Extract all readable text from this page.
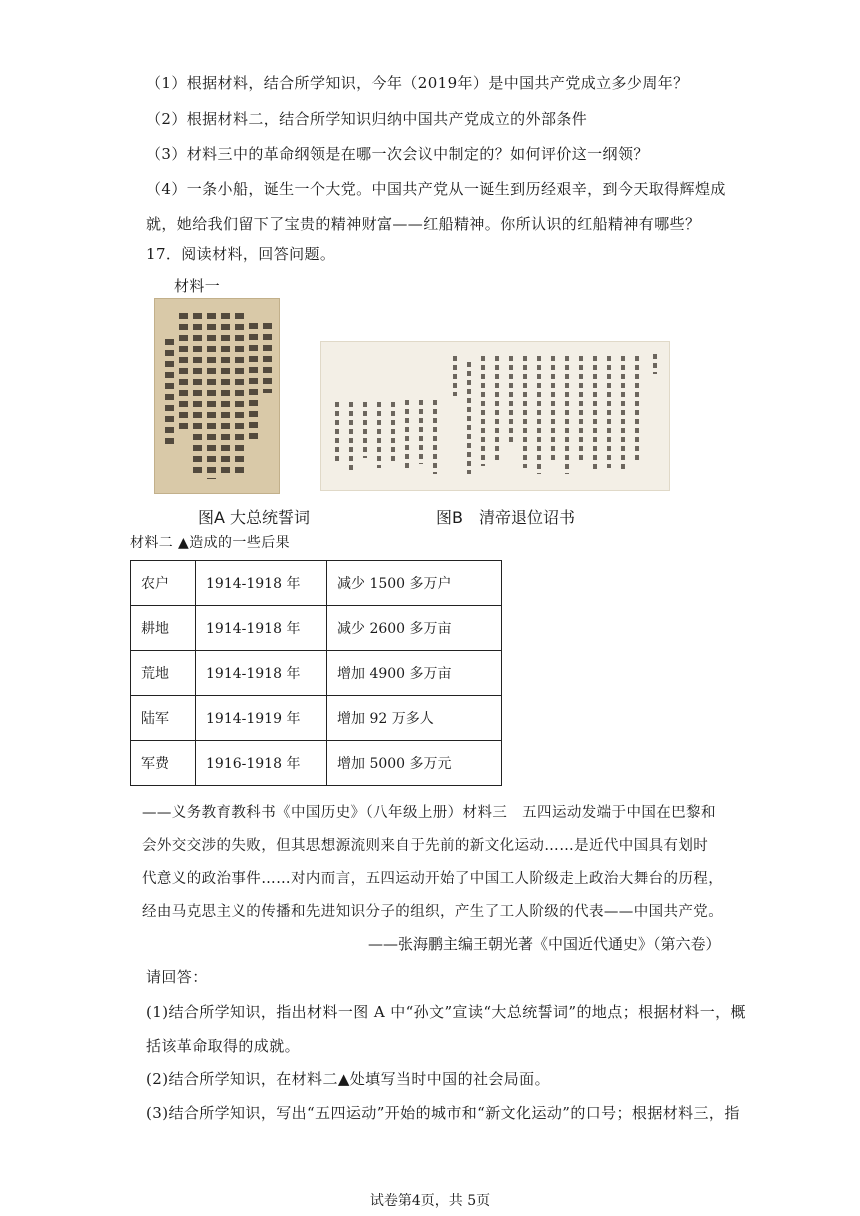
（1）根据材料，结合所学知识，今年（2019年）是中国共产党成立多少周年？
（2）根据材料二，结合所学知识归纳中国共产党成立的外部条件
（3）材料三中的革命纲领是在哪一次会议中制定的？如何评价这一纲领？
（4）一条小船，诞生一个大党。中国共产党从一诞生到历经艰辛，到今天取得辉煌成
就，她给我们留下了宝贵的精神财富——红船精神。你所认识的红船精神有哪些？
17．阅读材料，回答问题。
材料一
图A 大总统誓词	图B　清帝退位诏书
材料二 ▲造成的一些后果
农户	1914-1918 年	减少 1500 多万户
耕地	1914-1918 年	减少 2600 多万亩
荒地	1914-1918 年	增加 4900 多万亩
陆军	1914-1919 年	增加 92 万多人
军费	1916-1918 年	增加 5000 多万元
——义务教育教科书《中国历史》（八年级上册）材料三　五四运动发端于中国在巴黎和
会外交交涉的失败，但其思想源流则来自于先前的新文化运动……是近代中国具有划时
代意义的政治事件……对内而言，五四运动开始了中国工人阶级走上政治大舞台的历程，
经由马克思主义的传播和先进知识分子的组织，产生了工人阶级的代表——中国共产党。
——张海鹏主编王朝光著《中国近代通史》（第六卷）
请回答：
(1)结合所学知识，指出材料一图 A 中“孙文”宣读“大总统誓词”的地点；根据材料一，概
括该革命取得的成就。
(2)结合所学知识，在材料二▲处填写当时中国的社会局面。
(3)结合所学知识，写出“五四运动”开始的城市和“新文化运动”的口号；根据材料三，指
试卷第4页，共 5页
